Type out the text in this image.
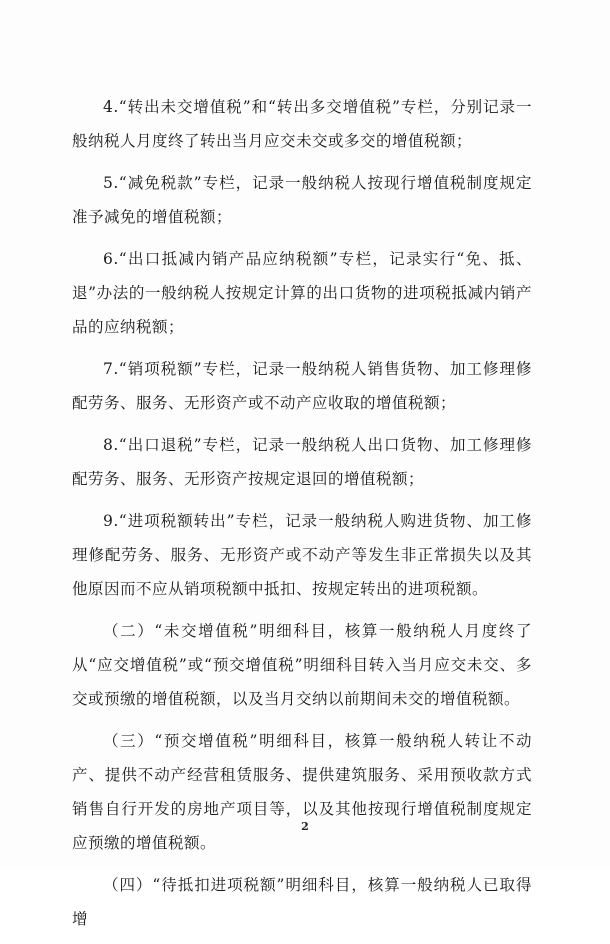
4.“转出未交增值税”和“转出多交增值税”专栏，分别记录一般纳税人月度终了转出当月应交未交或多交的增值税额；

5.“减免税款”专栏，记录一般纳税人按现行增值税制度规定准予减免的增值税额；

6.“出口抵减内销产品应纳税额”专栏，记录实行“免、抵、退”办法的一般纳税人按规定计算的出口货物的进项税抵减内销产品的应纳税额；

7.“销项税额”专栏，记录一般纳税人销售货物、加工修理修配劳务、服务、无形资产或不动产应收取的增值税额；

8.“出口退税”专栏，记录一般纳税人出口货物、加工修理修配劳务、服务、无形资产按规定退回的增值税额；

9.“进项税额转出”专栏，记录一般纳税人购进货物、加工修理修配劳务、服务、无形资产或不动产等发生非正常损失以及其他原因而不应从销项税额中抵扣、按规定转出的进项税额。

（二）“未交增值税”明细科目，核算一般纳税人月度终了从“应交增值税”或“预交增值税”明细科目转入当月应交未交、多交或预缴的增值税额，以及当月交纳以前期间未交的增值税额。

（三）“预交增值税”明细科目，核算一般纳税人转让不动产、提供不动产经营租赁服务、提供建筑服务、采用预收款方式销售自行开发的房地产项目等，以及其他按现行增值税制度规定应预缴的增值税额。

（四）“待抵扣进项税额”明细科目，核算一般纳税人已取得增

2
